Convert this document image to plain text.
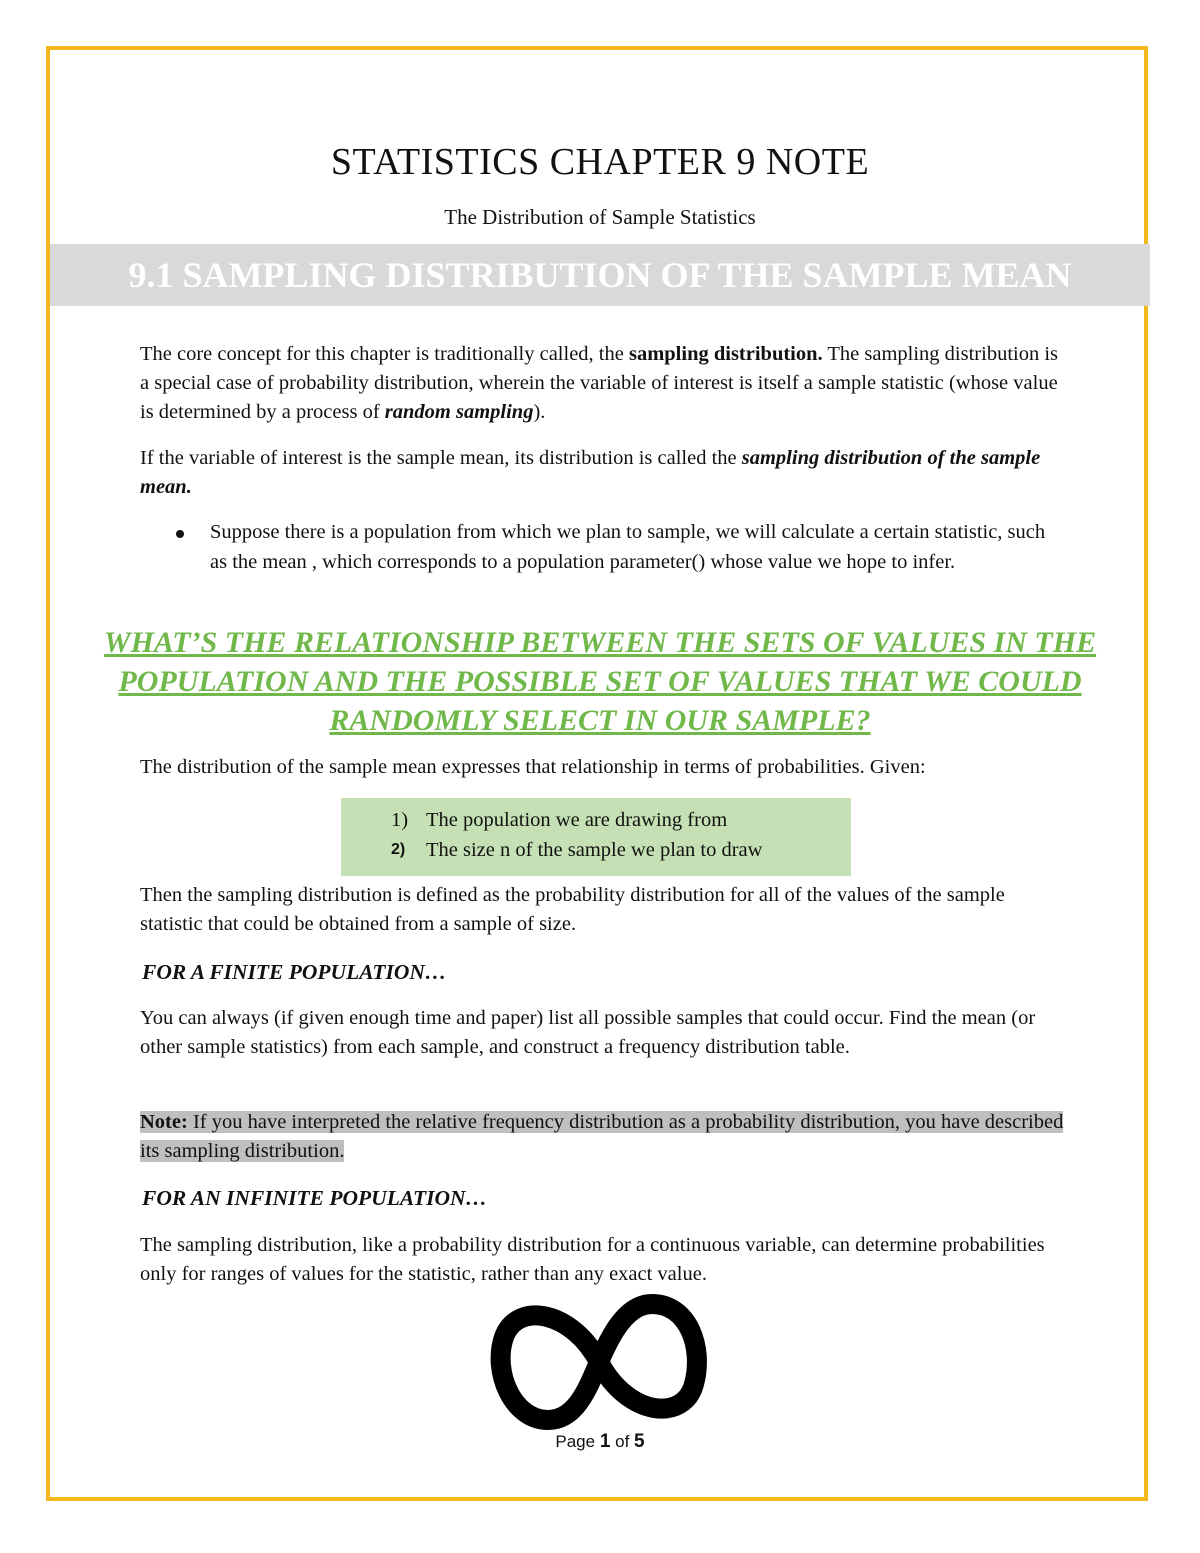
STATISTICS CHAPTER 9 NOTE
The Distribution of Sample Statistics
9.1 SAMPLING DISTRIBUTION OF THE SAMPLE MEAN

The core concept for this chapter is traditionally called, the sampling distribution. The sampling distribution is a special case of probability distribution, wherein the variable of interest is itself a sample statistic (whose value is determined by a process of random sampling).

If the variable of interest is the sample mean, its distribution is called the sampling distribution of the sample mean.

Suppose there is a population from which we plan to sample, we will calculate a certain statistic, such as the mean , which corresponds to a population parameter() whose value we hope to infer.
WHAT’S THE RELATIONSHIP BETWEEN THE SETS OF VALUES IN THE POPULATION AND THE POSSIBLE SET OF VALUES THAT WE COULD RANDOMLY SELECT IN OUR SAMPLE?
The distribution of the sample mean expresses that relationship in terms of probabilities. Given:
1) The population we are drawing from
2) The size n of the sample we plan to draw
Then the sampling distribution is defined as the probability distribution for all of the values of the sample statistic that could be obtained from a sample of size.
FOR A FINITE POPULATION…
You can always (if given enough time and paper) list all possible samples that could occur. Find the mean (or other sample statistics) from each sample, and construct a frequency distribution table.

Note: If you have interpreted the relative frequency distribution as a probability distribution, you have described its sampling distribution.

FOR AN INFINITE POPULATION…
The sampling distribution, like a probability distribution for a continuous variable, can determine probabilities only for ranges of values for the statistic, rather than any exact value.
Page 1 of 5
